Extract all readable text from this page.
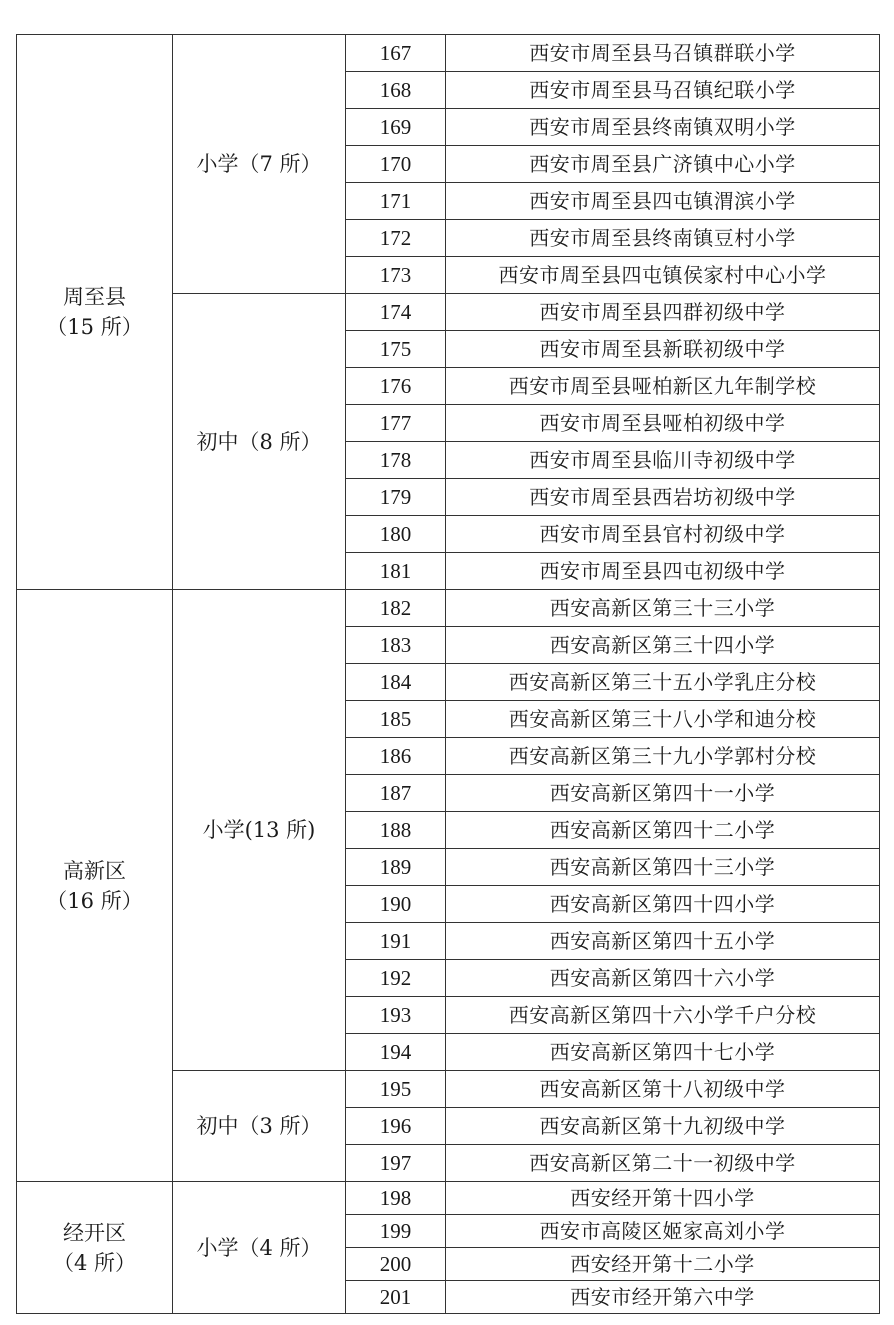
周至县
（15 所）	小学（7 所）	167	西安市周至县马召镇群联小学
		168	西安市周至县马召镇纪联小学
		169	西安市周至县终南镇双明小学
		170	西安市周至县广济镇中心小学
		171	西安市周至县四屯镇渭滨小学
		172	西安市周至县终南镇豆村小学
		173	西安市周至县四屯镇侯家村中心小学
	初中（8 所）	174	西安市周至县四群初级中学
		175	西安市周至县新联初级中学
		176	西安市周至县哑柏新区九年制学校
		177	西安市周至县哑柏初级中学
		178	西安市周至县临川寺初级中学
		179	西安市周至县西岩坊初级中学
		180	西安市周至县官村初级中学
		181	西安市周至县四屯初级中学

高新区
（16 所）	小学(13 所)	182	西安高新区第三十三小学
		183	西安高新区第三十四小学
		184	西安高新区第三十五小学乳庄分校
		185	西安高新区第三十八小学和迪分校
		186	西安高新区第三十九小学郭村分校
		187	西安高新区第四十一小学
		188	西安高新区第四十二小学
		189	西安高新区第四十三小学
		190	西安高新区第四十四小学
		191	西安高新区第四十五小学
		192	西安高新区第四十六小学
		193	西安高新区第四十六小学千户分校
		194	西安高新区第四十七小学
	初中（3 所）	195	西安高新区第十八初级中学
		196	西安高新区第十九初级中学
		197	西安高新区第二十一初级中学

经开区
（4 所）	小学（4 所）	198	西安经开第十四小学
		199	西安市高陵区姬家高刘小学
		200	西安经开第十二小学
		201	西安市经开第六中学
